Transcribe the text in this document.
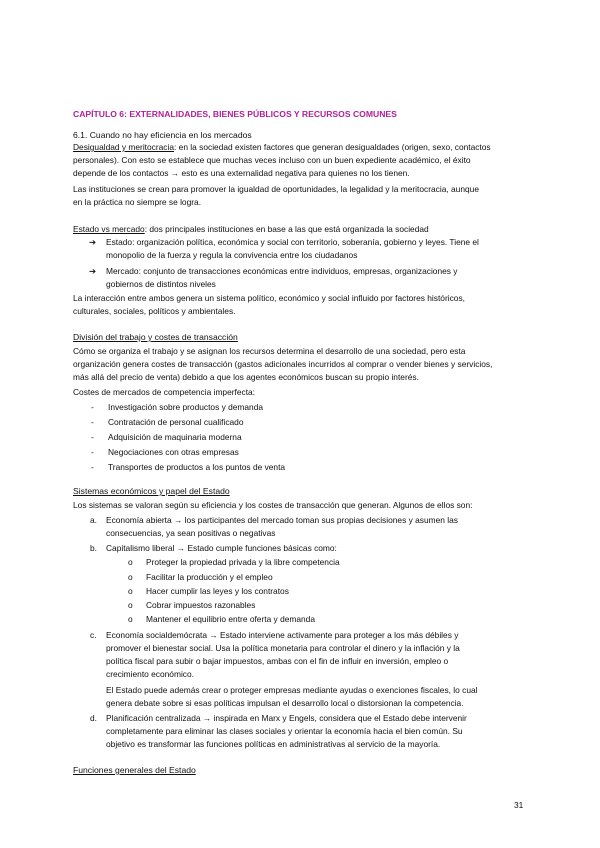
CAPÍTULO 6: EXTERNALIDADES, BIENES PÚBLICOS Y RECURSOS COMUNES
6.1. Cuando no hay eficiencia en los mercados
Desigualdad y meritocracia: en la sociedad existen factores que generan desigualdades (origen, sexo, contactos
personales). Con esto se establece que muchas veces incluso con un buen expediente académico, el éxito
depende de los contactos → esto es una externalidad negativa para quienes no los tienen.
Las instituciones se crean para promover la igualdad de oportunidades, la legalidad y la meritocracia, aunque
en la práctica no siempre se logra.
Estado vs mercado: dos principales instituciones en base a las que está organizada la sociedad
➔ Estado: organización política, económica y social con territorio, soberanía, gobierno y leyes. Tiene el
monopolio de la fuerza y regula la convivencia entre los ciudadanos
➔ Mercado: conjunto de transacciones económicas entre individuos, empresas, organizaciones y
gobiernos de distintos niveles
La interacción entre ambos genera un sistema político, económico y social influido por factores históricos,
culturales, sociales, políticos y ambientales.
División del trabajo y costes de transacción
Cómo se organiza el trabajo y se asignan los recursos determina el desarrollo de una sociedad, pero esta
organización genera costes de transacción (gastos adicionales incurridos al comprar o vender bienes y servicios,
más allá del precio de venta) debido a que los agentes económicos buscan su propio interés.
Costes de mercados de competencia imperfecta:
- Investigación sobre productos y demanda
- Contratación de personal cualificado
- Adquisición de maquinaria moderna
- Negociaciones con otras empresas
- Transportes de productos a los puntos de venta
Sistemas económicos y papel del Estado
Los sistemas se valoran según su eficiencia y los costes de transacción que generan. Algunos de ellos son:
a. Economía abierta → los participantes del mercado toman sus propias decisiones y asumen las
consecuencias, ya sean positivas o negativas
b. Capitalismo liberal → Estado cumple funciones básicas como:
o Proteger la propiedad privada y la libre competencia
o Facilitar la producción y el empleo
o Hacer cumplir las leyes y los contratos
o Cobrar impuestos razonables
o Mantener el equilibrio entre oferta y demanda
c. Economía socialdemócrata → Estado interviene activamente para proteger a los más débiles y
promover el bienestar social. Usa la política monetaria para controlar el dinero y la inflación y la
política fiscal para subir o bajar impuestos, ambas con el fin de influir en inversión, empleo o
crecimiento económico.
El Estado puede además crear o proteger empresas mediante ayudas o exenciones fiscales, lo cual
genera debate sobre si esas políticas impulsan el desarrollo local o distorsionan la competencia.
d. Planificación centralizada → inspirada en Marx y Engels, considera que el Estado debe intervenir
completamente para eliminar las clases sociales y orientar la economía hacia el bien común. Su
objetivo es transformar las funciones políticas en administrativas al servicio de la mayoría.
Funciones generales del Estado
31
